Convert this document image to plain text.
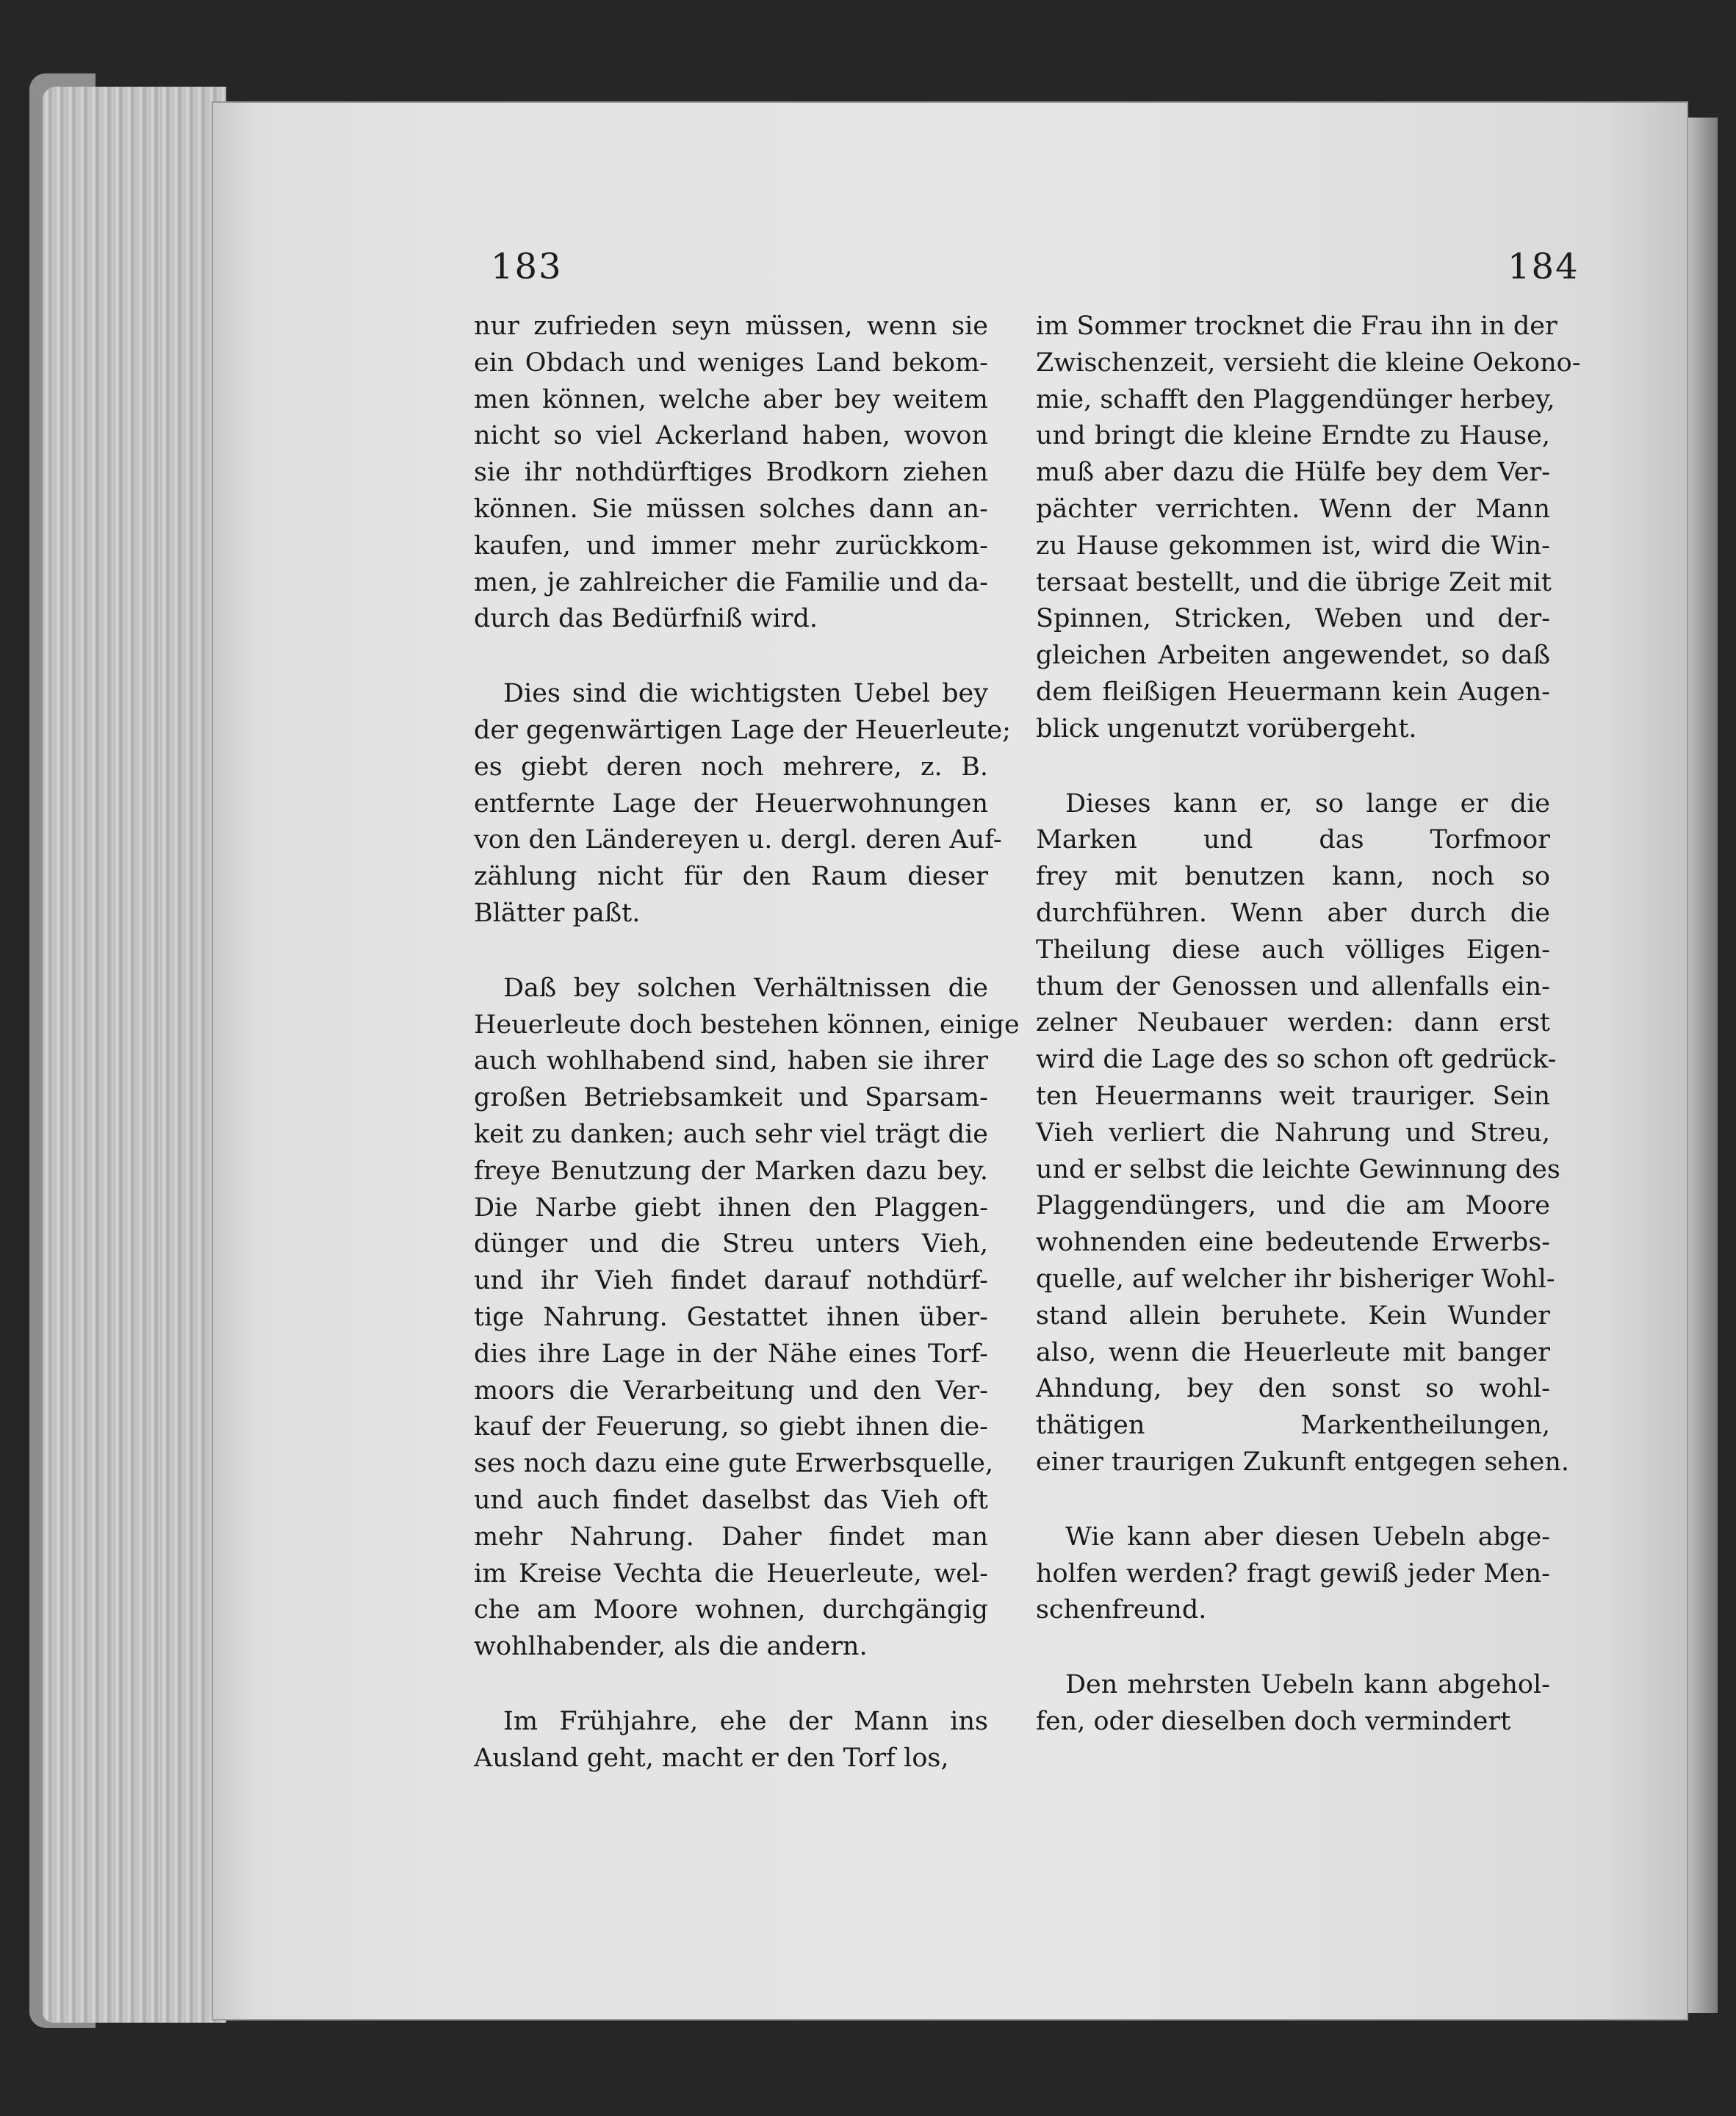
183	184
nur zufrieden seyn müssen, wenn sie
ein Obdach und weniges Land bekom-
men können, welche aber bey weitem
nicht so viel Ackerland haben, wovon
sie ihr nothdürftiges Brodkorn ziehen
können. Sie müssen solches dann an-
kaufen, und immer mehr zurückkom-
men, je zahlreicher die Familie und da-
durch das Bedürfniß wird.
Dies sind die wichtigsten Uebel bey
der gegenwärtigen Lage der Heuerleute;
es giebt deren noch mehrere, z. B.
entfernte Lage der Heuerwohnungen
von den Ländereyen u. dergl. deren Auf-
zählung nicht für den Raum dieser
Blätter paßt.
Daß bey solchen Verhältnissen die
Heuerleute doch bestehen können, einige
auch wohlhabend sind, haben sie ihrer
großen Betriebsamkeit und Sparsam-
keit zu danken; auch sehr viel trägt die
freye Benutzung der Marken dazu bey.
Die Narbe giebt ihnen den Plaggen-
dünger und die Streu unters Vieh,
und ihr Vieh findet darauf nothdürf-
tige Nahrung. Gestattet ihnen über-
dies ihre Lage in der Nähe eines Torf-
moors die Verarbeitung und den Ver-
kauf der Feuerung, so giebt ihnen die-
ses noch dazu eine gute Erwerbsquelle,
und auch findet daselbst das Vieh oft
mehr Nahrung. Daher findet man
im Kreise Vechta die Heuerleute, wel-
che am Moore wohnen, durchgängig
wohlhabender, als die andern.
Im Frühjahre, ehe der Mann ins
Ausland geht, macht er den Torf los,
im Sommer trocknet die Frau ihn in der
Zwischenzeit, versieht die kleine Oekono-
mie, schafft den Plaggendünger herbey,
und bringt die kleine Erndte zu Hause,
muß aber dazu die Hülfe bey dem Ver-
pächter verrichten. Wenn der Mann
zu Hause gekommen ist, wird die Win-
tersaat bestellt, und die übrige Zeit mit
Spinnen, Stricken, Weben und der-
gleichen Arbeiten angewendet, so daß
dem fleißigen Heuermann kein Augen-
blick ungenutzt vorübergeht.
Dieses kann er, so lange er die
Marken und das Torfmoor
frey mit benutzen kann, noch so
durchführen. Wenn aber durch die
Theilung diese auch völliges Eigen-
thum der Genossen und allenfalls ein-
zelner Neubauer werden: dann erst
wird die Lage des so schon oft gedrück-
ten Heuermanns weit trauriger. Sein
Vieh verliert die Nahrung und Streu,
und er selbst die leichte Gewinnung des
Plaggendüngers, und die am Moore
wohnenden eine bedeutende Erwerbs-
quelle, auf welcher ihr bisheriger Wohl-
stand allein beruhete. Kein Wunder
also, wenn die Heuerleute mit banger
Ahndung, bey den sonst so wohl-
thätigen Markentheilungen,
einer traurigen Zukunft entgegen sehen.
Wie kann aber diesen Uebeln abge-
holfen werden? fragt gewiß jeder Men-
schenfreund.
Den mehrsten Uebeln kann abgehol-
fen, oder dieselben doch vermindert
